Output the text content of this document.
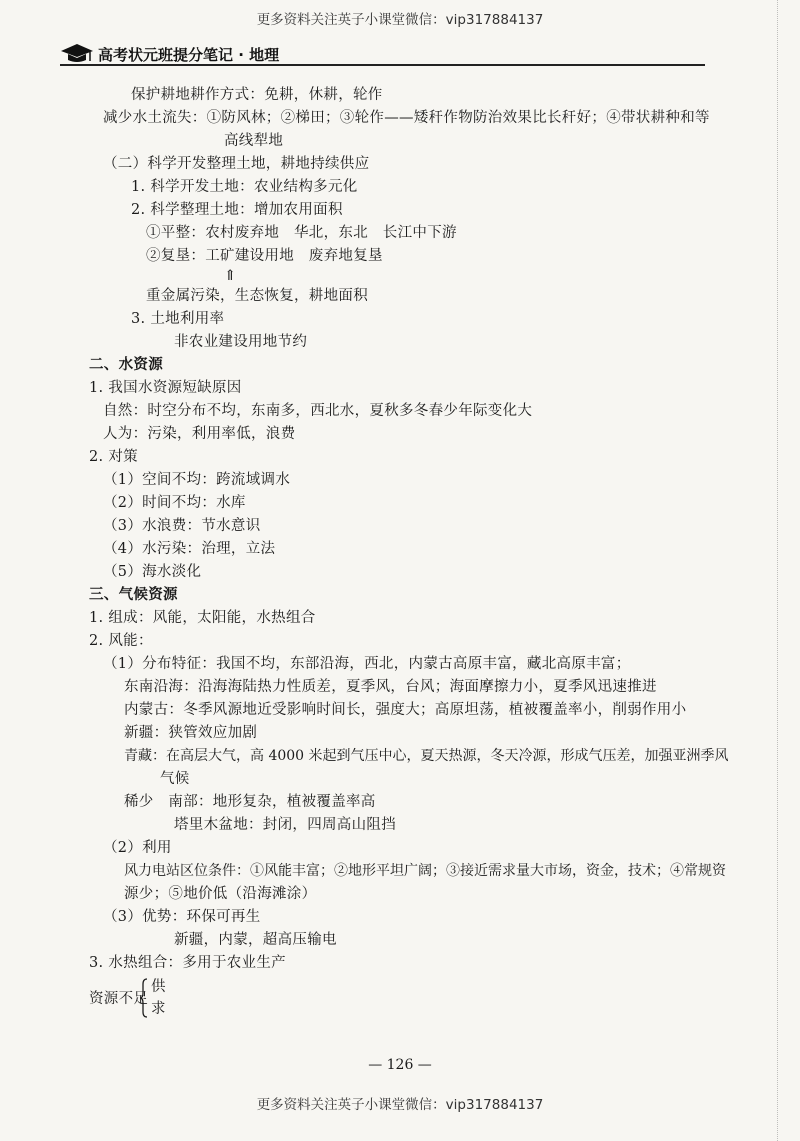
更多资料关注英子小课堂微信：vip317884137
高考状元班提分笔记 · 地理
保护耕地耕作方式：免耕，休耕，轮作
减少水土流失：①防风林；②梯田；③轮作——矮秆作物防治效果比长秆好；④带状耕种和等
高线犁地
（二）科学开发整理土地，耕地持续供应
1. 科学开发土地：农业结构多元化
2. 科学整理土地：增加农用面积
①平整：农村废弃地　华北，东北　长江中下游
②复垦：工矿建设用地　废弃地复垦
⇑
重金属污染，生态恢复，耕地面积
3. 土地利用率
非农业建设用地节约
二、水资源
1. 我国水资源短缺原因
自然：时空分布不均，东南多，西北水，夏秋多冬春少年际变化大
人为：污染，利用率低，浪费
2. 对策
（1）空间不均：跨流域调水
（2）时间不均：水库
（3）水浪费：节水意识
（4）水污染：治理，立法
（5）海水淡化
三、气候资源
1. 组成：风能，太阳能，水热组合
2. 风能：
（1）分布特征：我国不均，东部沿海，西北，内蒙古高原丰富，藏北高原丰富；
东南沿海：沿海海陆热力性质差，夏季风，台风；海面摩擦力小，夏季风迅速推进
内蒙古：冬季风源地近受影响时间长，强度大；高原坦荡，植被覆盖率小，削弱作用小
新疆：狭管效应加剧
青藏：在高层大气，高 4000 米起到气压中心，夏天热源，冬天冷源，形成气压差，加强亚洲季风
气候
稀少　南部：地形复杂，植被覆盖率高
塔里木盆地：封闭，四周高山阻挡
（2）利用
风力电站区位条件：①风能丰富；②地形平坦广阔；③接近需求量大市场，资金，技术；④常规资
源少；⑤地价低（沿海滩涂）
（3）优势：环保可再生
新疆，内蒙，超高压输电
3. 水热组合：多用于农业生产
资源不足
供
求
— 126 —
更多资料关注英子小课堂微信：vip317884137
